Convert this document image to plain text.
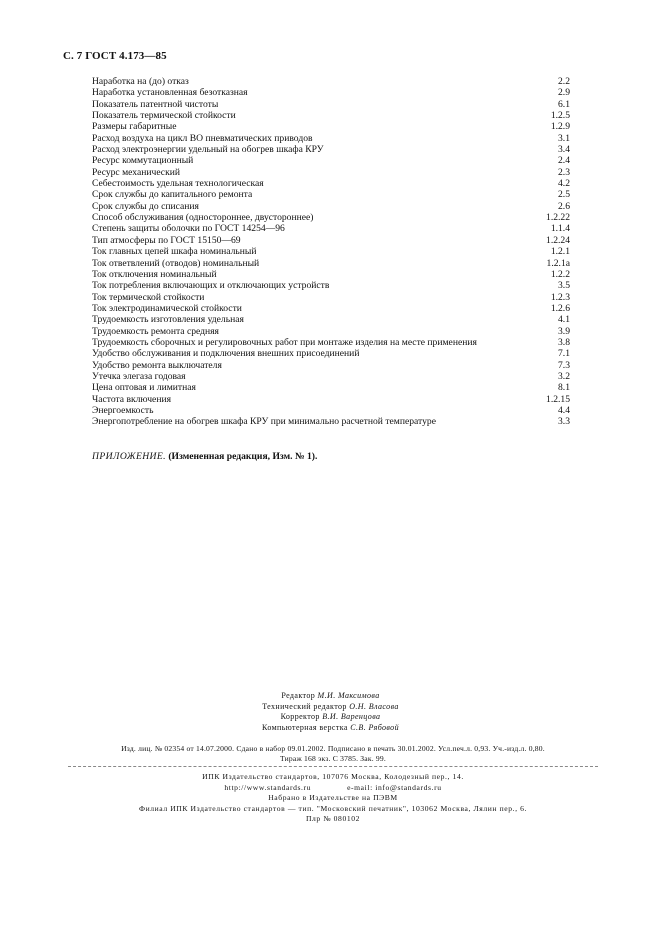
С. 7 ГОСТ 4.173—85
Наработка на (до) отказ	2.2
Наработка установленная безотказная	2.9
Показатель патентной чистоты	6.1
Показатель термической стойкости	1.2.5
Размеры габаритные	1.2.9
Расход воздуха на цикл ВО пневматических приводов	3.1
Расход электроэнергии удельный на обогрев шкафа КРУ	3.4
Ресурс коммутационный	2.4
Ресурс механический	2.3
Себестоимость удельная технологическая	4.2
Срок службы до капитального ремонта	2.5
Срок службы до списания	2.6
Способ обслуживания (одностороннее, двустороннее)	1.2.22
Степень защиты оболочки по ГОСТ 14254—96	1.1.4
Тип атмосферы по ГОСТ 15150—69	1.2.24
Ток главных цепей шкафа номинальный	1.2.1
Ток ответвлений (отводов) номинальный	1.2.1а
Ток отключения номинальный	1.2.2
Ток потребления включающих и отключающих устройств	3.5
Ток термической стойкости	1.2.3
Ток электродинамической стойкости	1.2.6
Трудоемкость изготовления удельная	4.1
Трудоемкость ремонта средняя	3.9
Трудоемкость сборочных и регулировочных работ при монтаже изделия на месте применения	3.8
Удобство обслуживания и подключения внешних присоединений	7.1
Удобство ремонта выключателя	7.3
Утечка элегаза годовая	3.2
Цена оптовая и лимитная	8.1
Частота включения	1.2.15
Энергоемкость	4.4
Энергопотребление на обогрев шкафа КРУ при минимально расчетной температуре	3.3
ПРИЛОЖЕНИЕ. (Измененная редакция, Изм. № 1).
Редактор М.И. Максимова
Технический редактор О.Н. Власова
Корректор В.И. Варенцова
Компьютерная верстка С.В. Рябовой
Изд. лиц. № 02354 от 14.07.2000. Сдано в набор 09.01.2002. Подписано в печать 30.01.2002. Усл.печ.л. 0,93. Уч.-изд.л. 0,80.
Тираж 168 экз. С 3785. Зак. 99.
ИПК Издательство стандартов, 107076 Москва, Колодезный пер., 14.
http://www.standards.ru	e-mail: info@standards.ru
Набрано в Издательстве на ПЭВМ
Филиал ИПК Издательство стандартов — тип. "Московский печатник", 103062 Москва, Лялин пер., 6.
Плр № 080102
